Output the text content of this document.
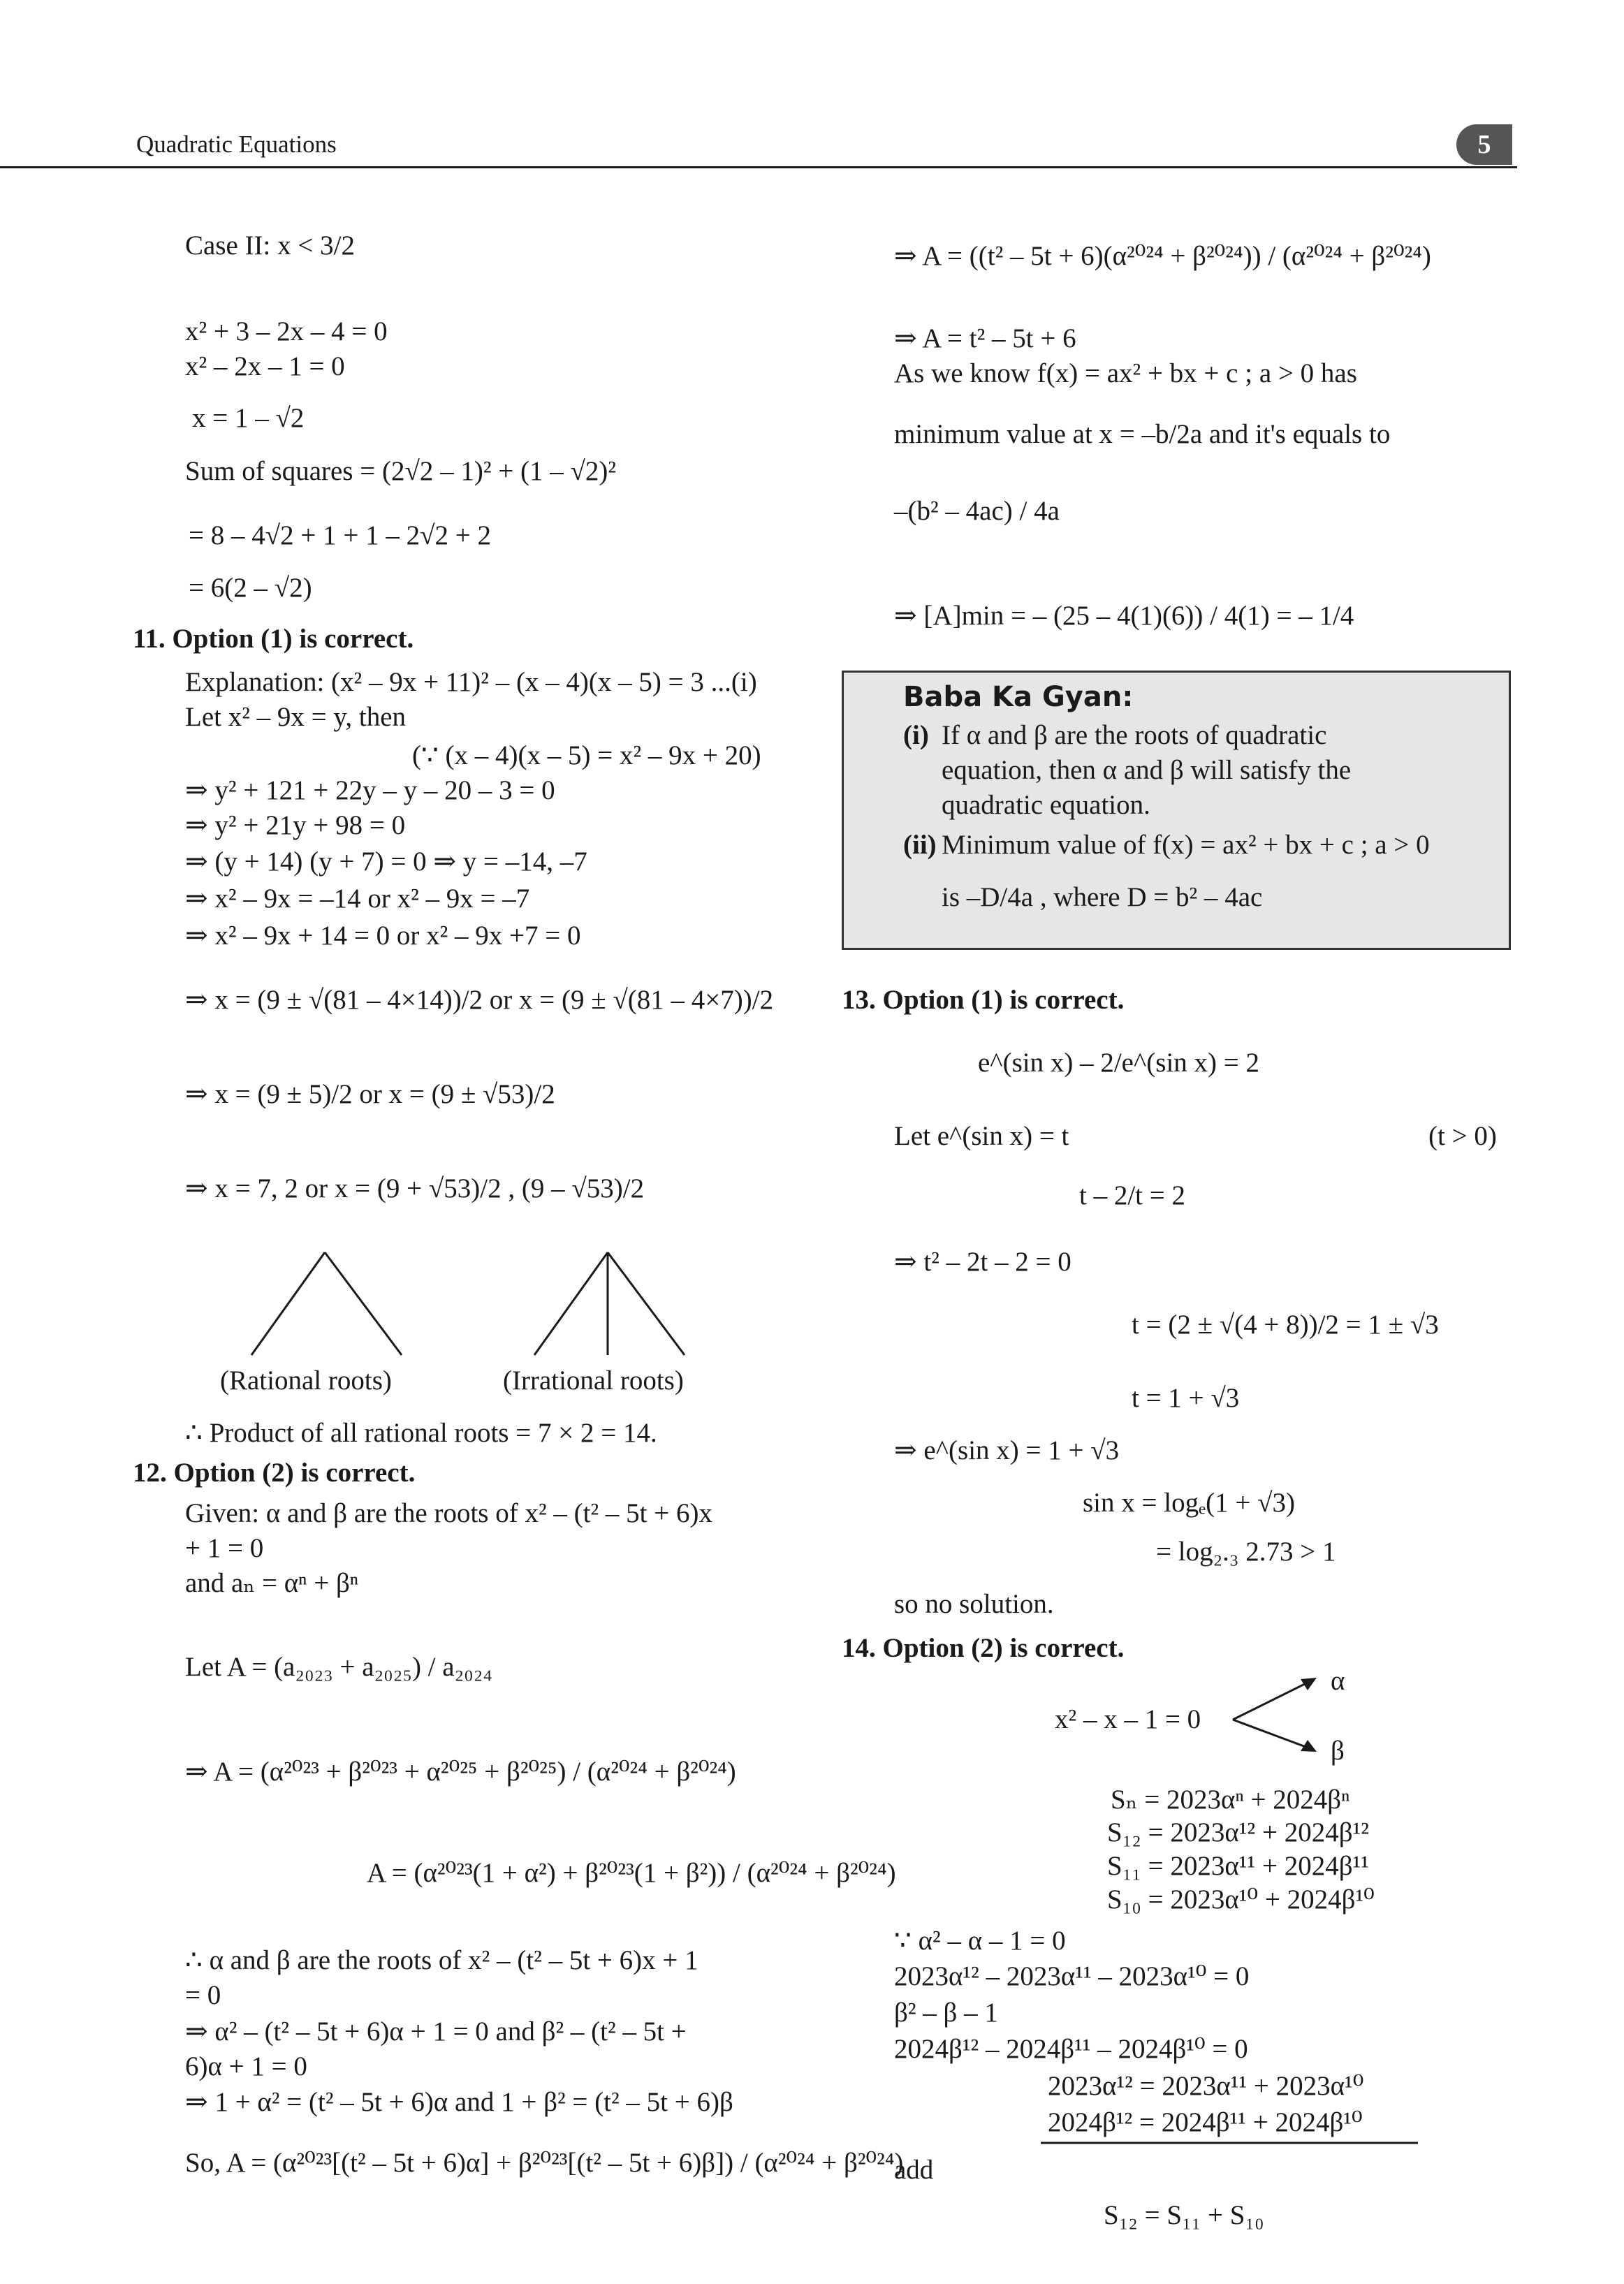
Quadratic Equations	5
Case II: x < 3/2
x² + 3 – 2x – 4 = 0
x² – 2x – 1 = 0
x = 1 – √2
Sum of squares = (2√2 – 1)² + (1 – √2)²
= 8 – 4√2 + 1 + 1 – 2√2 + 2
= 6(2 – √2)
11. Option (1) is correct.
Explanation: (x² – 9x + 11)² – (x – 4)(x – 5) = 3 ...(i)
Let x² – 9x = y, then
(∵ (x – 4)(x – 5) = x² – 9x + 20)
⇒ y² + 121 + 22y – y – 20 – 3 = 0
⇒ y² + 21y + 98 = 0
⇒ (y + 14) (y + 7) = 0 ⇒ y = –14, –7
⇒ x² – 9x = –14 or x² – 9x = –7
⇒ x² – 9x + 14 = 0 or x² – 9x +7 = 0
⇒ x = (9 ± √(81 – 4×14))/2 or x = (9 ± √(81 – 4×7))/2
⇒ x = (9 ± 5)/2 or x = (9 ± √53)/2
⇒ x = 7, 2 or x = (9 + √53)/2 , (9 – √53)/2
(Rational roots)	(Irrational roots)
∴ Product of all rational roots = 7 × 2 = 14.
12. Option (2) is correct.
Given: α and β are the roots of x² – (t² – 5t + 6)x
+ 1 = 0
and aₙ = αⁿ + βⁿ
Let A = (a₂₀₂₃ + a₂₀₂₅) / a₂₀₂₄
⇒ A = (α²⁰²³ + β²⁰²³ + α²⁰²⁵ + β²⁰²⁵) / (α²⁰²⁴ + β²⁰²⁴)
A = (α²⁰²³(1 + α²) + β²⁰²³(1 + β²)) / (α²⁰²⁴ + β²⁰²⁴)
∴ α and β are the roots of x² – (t² – 5t + 6)x + 1
= 0
⇒ α² – (t² – 5t + 6)α + 1 = 0 and β² – (t² – 5t +
6)α + 1 = 0
⇒ 1 + α² = (t² – 5t + 6)α and 1 + β² = (t² – 5t + 6)β
So, A = (α²⁰²³[(t² – 5t + 6)α] + β²⁰²³[(t² – 5t + 6)β]) / (α²⁰²⁴ + β²⁰²⁴)
⇒ A = ((t² – 5t + 6)(α²⁰²⁴ + β²⁰²⁴)) / (α²⁰²⁴ + β²⁰²⁴)
⇒ A = t² – 5t + 6
As we know f(x) = ax² + bx + c ; a > 0 has
minimum value at x = –b/2a and it's equals to
–(b² – 4ac) / 4a
⇒ [A]min = – (25 – 4(1)(6)) / 4(1) = – 1/4
13. Option (1) is correct.
e^(sin x) – 2/e^(sin x) = 2
Let e^(sin x) = t	(t > 0)
t – 2/t = 2
⇒ t² – 2t – 2 = 0
t = (2 ± √(4 + 8))/2 = 1 ± √3
t = 1 + √3
⇒ e^(sin x) = 1 + √3
sin x = logₑ(1 + √3)
= log₂.₃ 2.73 > 1
so no solution.
14. Option (2) is correct.
α
x² – x – 1 = 0
β
Sₙ = 2023αⁿ + 2024βⁿ
S₁₂ = 2023α¹² + 2024β¹²
S₁₁ = 2023α¹¹ + 2024β¹¹
S₁₀ = 2023α¹⁰ + 2024β¹⁰
∵ α² – α – 1 = 0
2023α¹² – 2023α¹¹ – 2023α¹⁰ = 0
β² – β – 1
2024β¹² – 2024β¹¹ – 2024β¹⁰ = 0
2023α¹² = 2023α¹¹ + 2023α¹⁰
2024β¹² = 2024β¹¹ + 2024β¹⁰
add
S₁₂ = S₁₁ + S₁₀
Baba Ka Gyan:
(i) If α and β are the roots of quadratic
equation, then α and β will satisfy the
quadratic equation.
(ii) Minimum value of f(x) = ax² + bx + c ; a > 0
is –D/4a , where D = b² – 4ac
